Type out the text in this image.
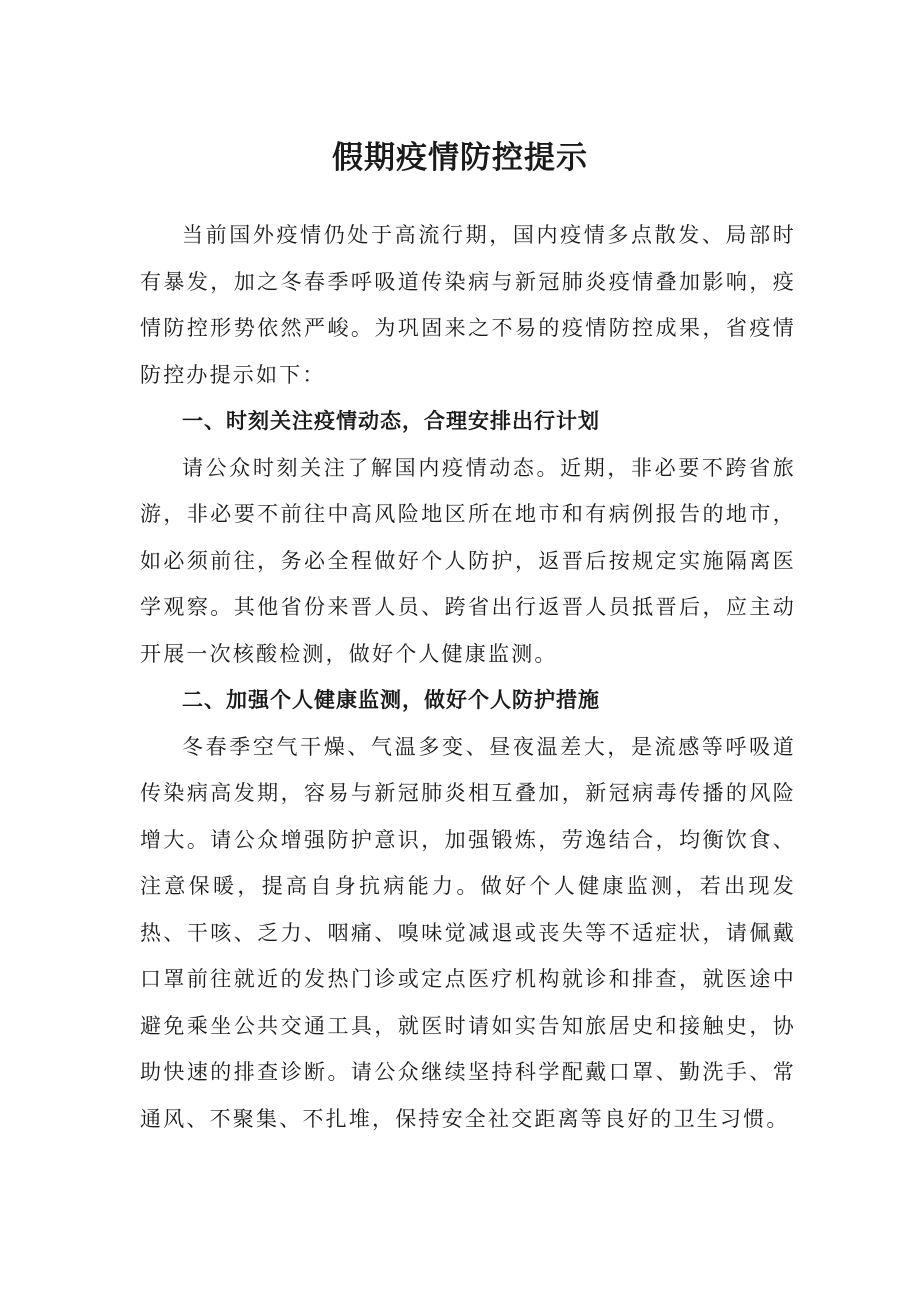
假期疫情防控提示

当前国外疫情仍处于高流行期，国内疫情多点散发、局部时有暴发，加之冬春季呼吸道传染病与新冠肺炎疫情叠加影响，疫情防控形势依然严峻。为巩固来之不易的疫情防控成果，省疫情防控办提示如下：

一、时刻关注疫情动态，合理安排出行计划

请公众时刻关注了解国内疫情动态。近期，非必要不跨省旅游，非必要不前往中高风险地区所在地市和有病例报告的地市，如必须前往，务必全程做好个人防护，返晋后按规定实施隔离医学观察。其他省份来晋人员、跨省出行返晋人员抵晋后，应主动开展一次核酸检测，做好个人健康监测。

二、加强个人健康监测，做好个人防护措施

冬春季空气干燥、气温多变、昼夜温差大，是流感等呼吸道传染病高发期，容易与新冠肺炎相互叠加，新冠病毒传播的风险增大。请公众增强防护意识，加强锻炼，劳逸结合，均衡饮食、注意保暖，提高自身抗病能力。做好个人健康监测，若出现发热、干咳、乏力、咽痛、嗅味觉减退或丧失等不适症状，请佩戴口罩前往就近的发热门诊或定点医疗机构就诊和排查，就医途中避免乘坐公共交通工具，就医时请如实告知旅居史和接触史，协助快速的排查诊断。请公众继续坚持科学配戴口罩、勤洗手、常通风、不聚集、不扎堆，保持安全社交距离等良好的卫生习惯。
